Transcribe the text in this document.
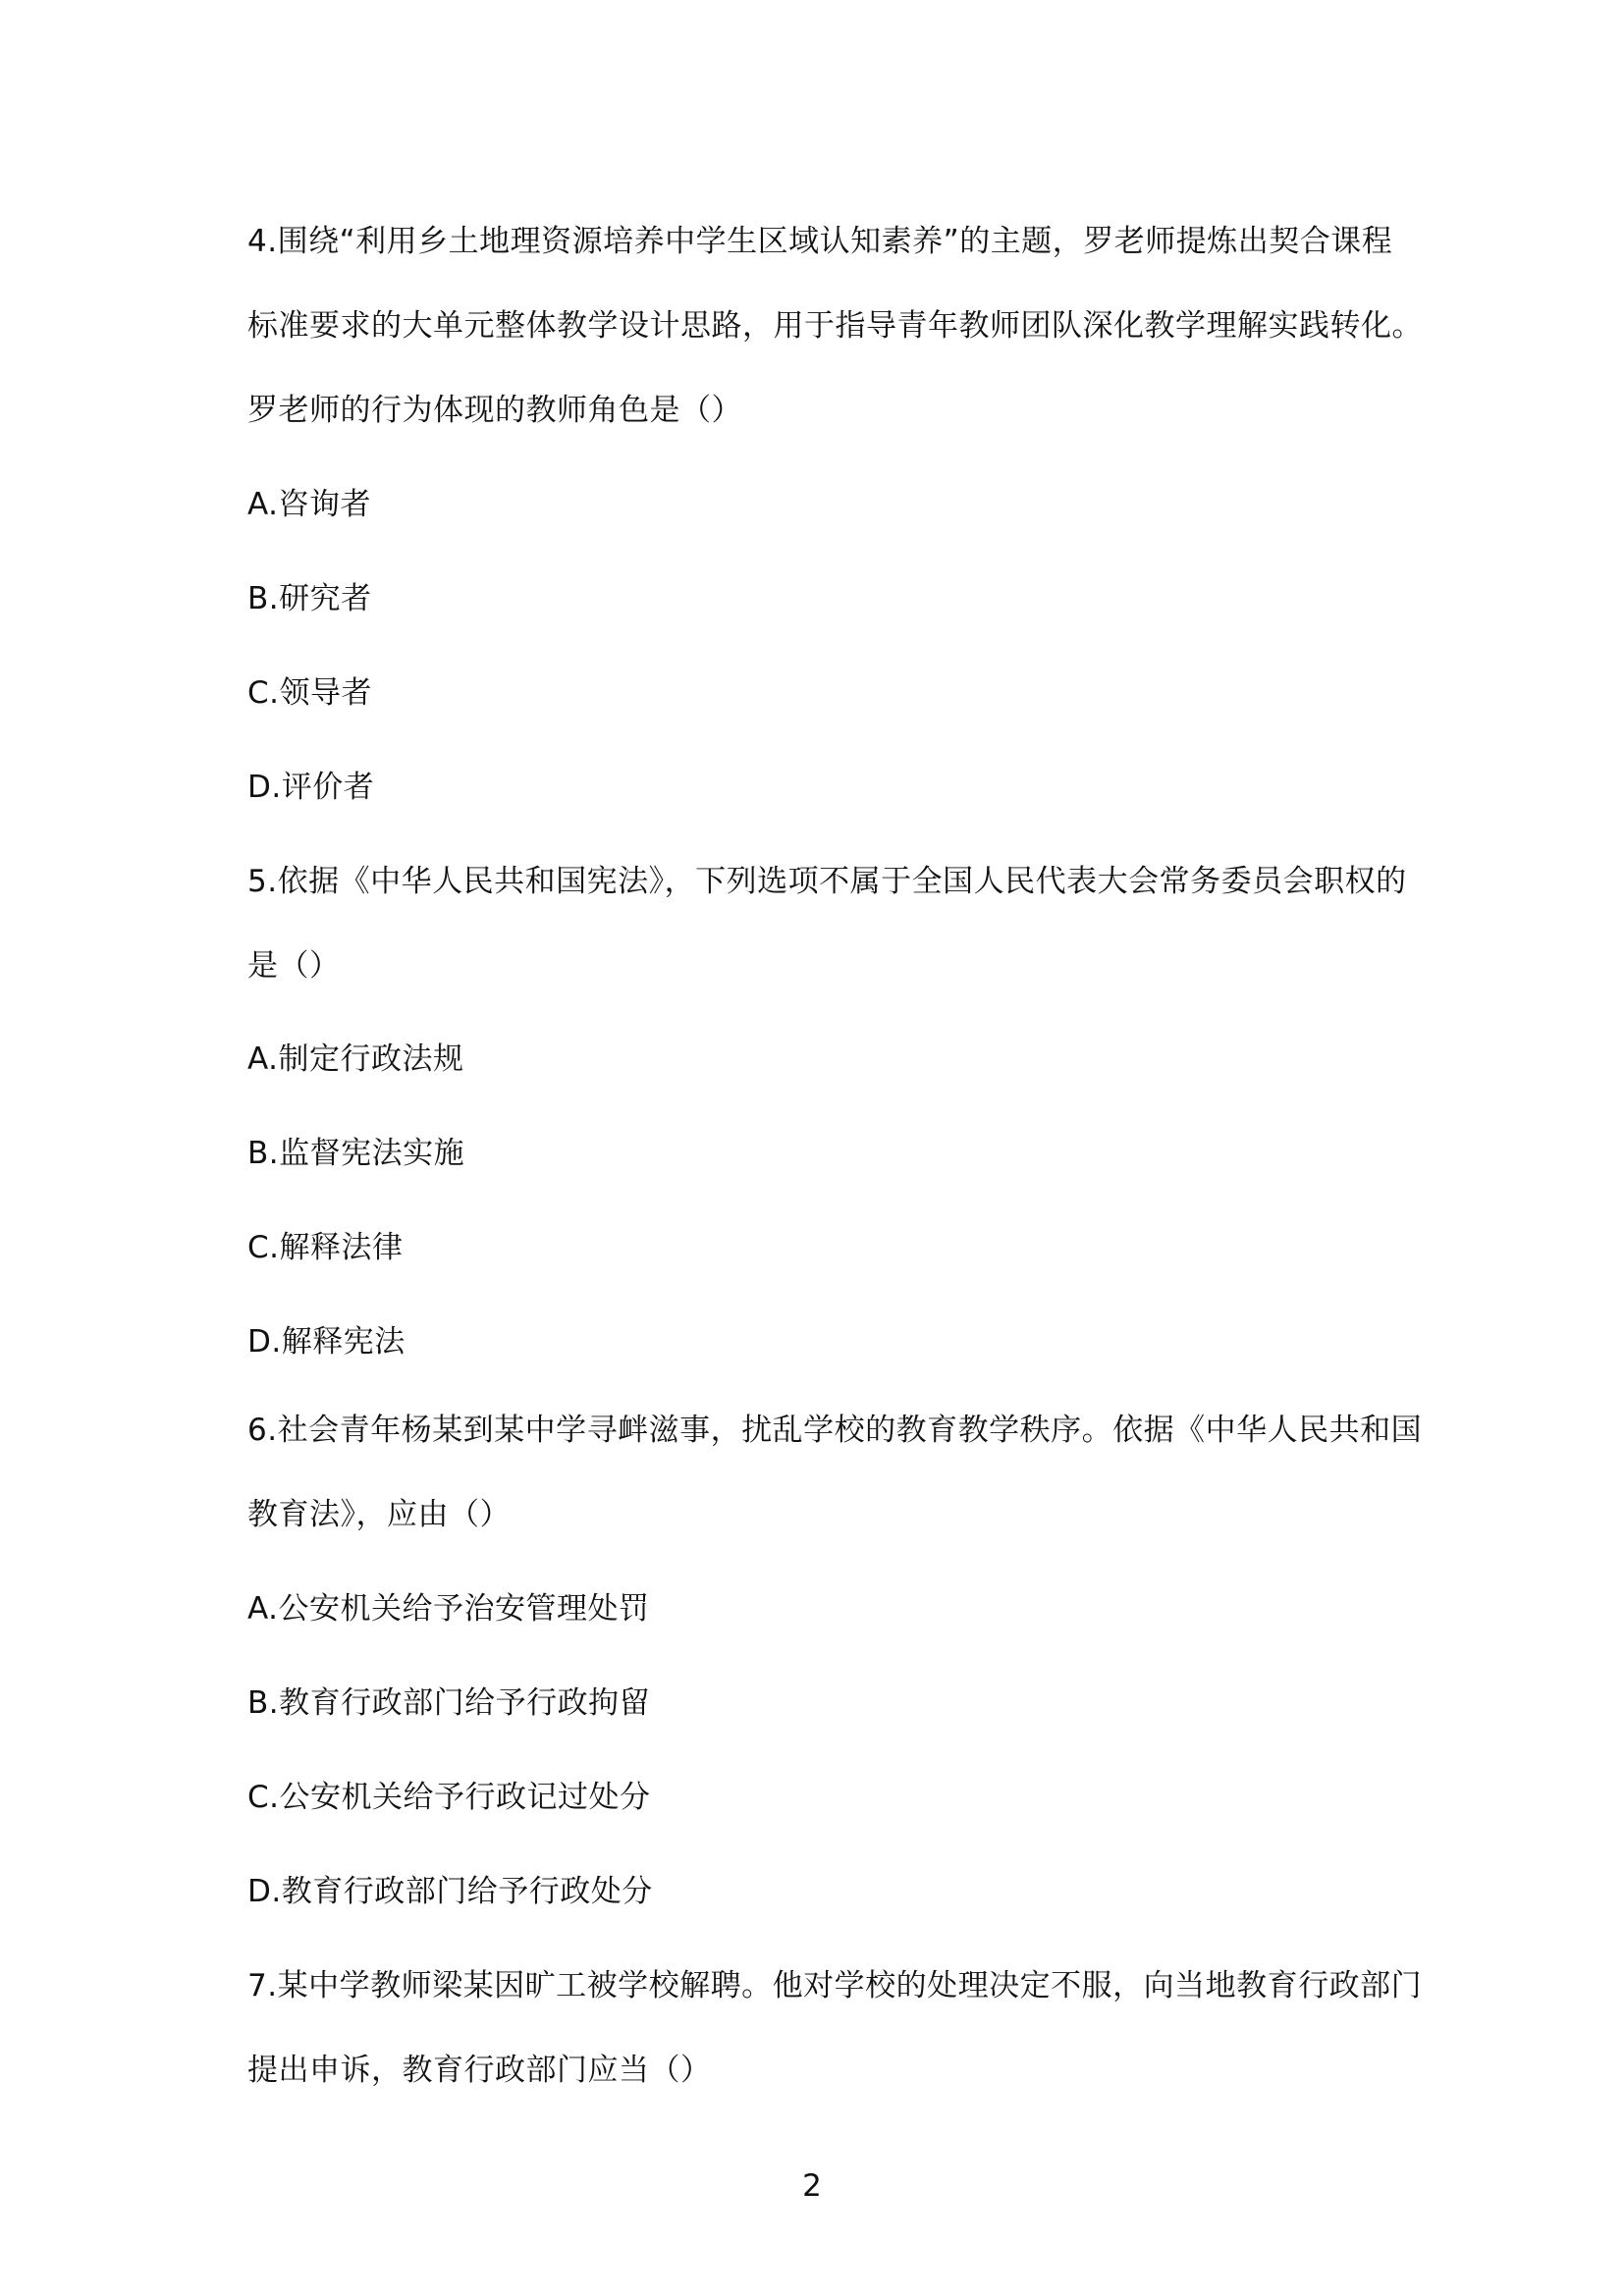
4.围绕“利用乡土地理资源培养中学生区域认知素养”的主题，罗老师提炼出契合课程
标准要求的大单元整体教学设计思路，用于指导青年教师团队深化教学理解实践转化。
罗老师的行为体现的教师角色是（）
A.咨询者
B.研究者
C.领导者
D.评价者
5.依据《中华人民共和国宪法》，下列选项不属于全国人民代表大会常务委员会职权的
是（）
A.制定行政法规
B.监督宪法实施
C.解释法律
D.解释宪法
6.社会青年杨某到某中学寻衅滋事，扰乱学校的教育教学秩序。依据《中华人民共和国
教育法》，应由（）
A.公安机关给予治安管理处罚
B.教育行政部门给予行政拘留
C.公安机关给予行政记过处分
D.教育行政部门给予行政处分
7.某中学教师梁某因旷工被学校解聘。他对学校的处理决定不服，向当地教育行政部门
提出申诉，教育行政部门应当（）
2
